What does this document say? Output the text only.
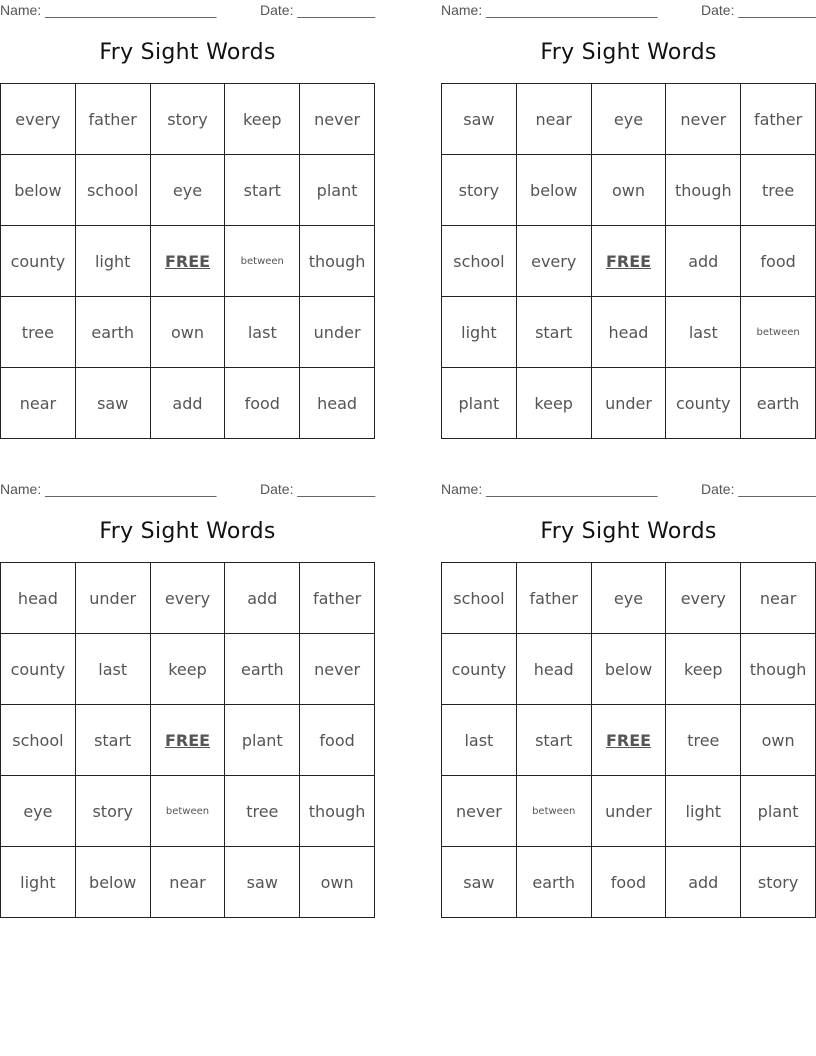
Name: ______________________	Date: __________
Fry Sight Words
every	father	story	keep	never
below	school	eye	start	plant
county	light	FREE	between	though
tree	earth	own	last	under
near	saw	add	food	head
Name: ______________________	Date: __________
Fry Sight Words
saw	near	eye	never	father
story	below	own	though	tree
school	every	FREE	add	food
light	start	head	last	between
plant	keep	under	county	earth
Name: ______________________	Date: __________
Fry Sight Words
head	under	every	add	father
county	last	keep	earth	never
school	start	FREE	plant	food
eye	story	between	tree	though
light	below	near	saw	own
Name: ______________________	Date: __________
Fry Sight Words
school	father	eye	every	near
county	head	below	keep	though
last	start	FREE	tree	own
never	between	under	light	plant
saw	earth	food	add	story
